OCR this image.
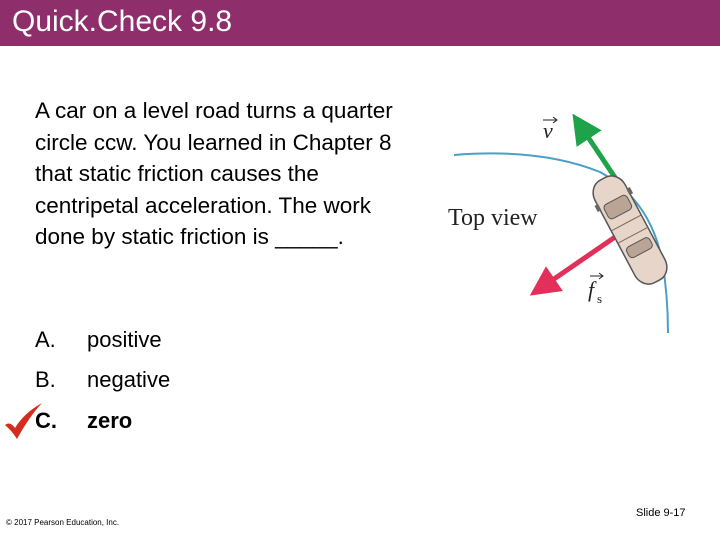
Quick.Check 9.8
A car on a level road turns a quarter circle ccw. You learned in Chapter 8 that static friction causes the centripetal acceleration. The work done by static friction is _____.
A. positive
B. negative
C. zero
Top view
v
f s
© 2017 Pearson Education, Inc.
Slide 9-17
